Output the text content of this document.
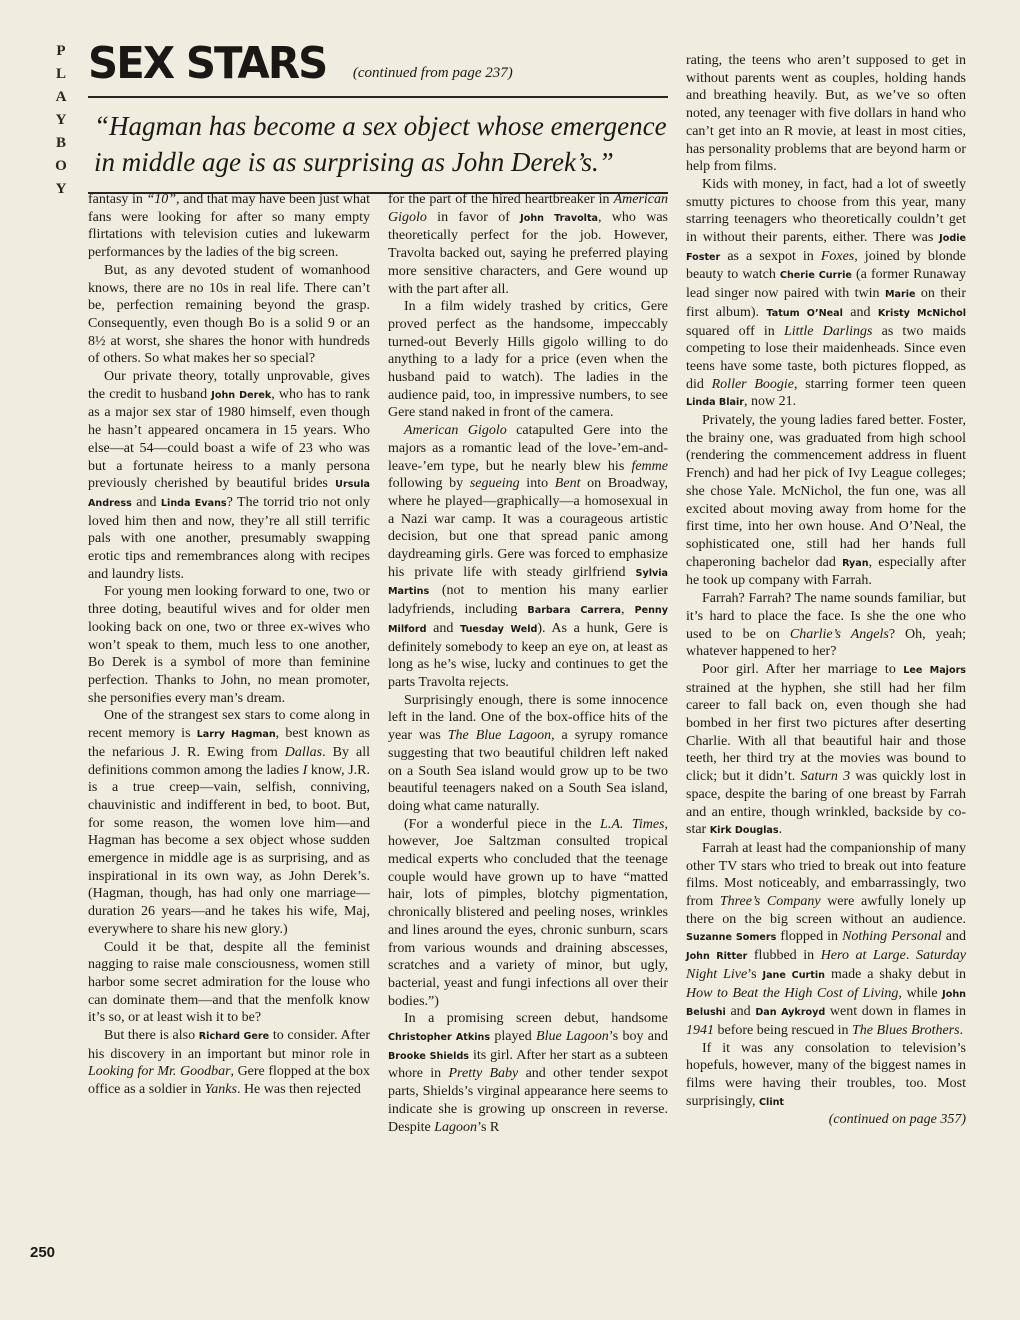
P
L
A
Y
B
O
Y
SEX STARS (continued from page 237)
“Hagman has become a sex object whose emergence in middle age is as surprising as John Derek’s.”

fantasy in “10”, and that may have been just what fans were looking for after so many empty flirtations with television cuties and lukewarm performances by the ladies of the big screen.

But, as any devoted student of womanhood knows, there are no 10s in real life. There can’t be, perfection remaining beyond the grasp. Consequently, even though Bo is a solid 9 or an 8½ at worst, she shares the honor with hundreds of others. So what makes her so special?

Our private theory, totally unprovable, gives the credit to husband John Derek, who has to rank as a major sex star of 1980 himself, even though he hasn’t appeared oncamera in 15 years. Who else—at 54—could boast a wife of 23 who was but a fortunate heiress to a manly persona previously cherished by beautiful brides Ursula Andress and Linda Evans? The torrid trio not only loved him then and now, they’re all still terrific pals with one another, presumably swapping erotic tips and remembrances along with recipes and laundry lists.

For young men looking forward to one, two or three doting, beautiful wives and for older men looking back on one, two or three ex-wives who won’t speak to them, much less to one another, Bo Derek is a symbol of more than feminine perfection. Thanks to John, no mean promoter, she personifies every man’s dream.

One of the strangest sex stars to come along in recent memory is Larry Hagman, best known as the nefarious J. R. Ewing from Dallas. By all definitions common among the ladies I know, J.R. is a true creep—vain, selfish, conniving, chauvinistic and indifferent in bed, to boot. But, for some reason, the women love him—and Hagman has become a sex object whose sudden emergence in middle age is as surprising, and as inspirational in its own way, as John Derek’s. (Hagman, though, has had only one marriage—duration 26 years—and he takes his wife, Maj, everywhere to share his new glory.)

Could it be that, despite all the feminist nagging to raise male consciousness, women still harbor some secret admiration for the louse who can dominate them—and that the menfolk know it’s so, or at least wish it to be?

But there is also Richard Gere to consider. After his discovery in an important but minor role in Looking for Mr. Goodbar, Gere flopped at the box office as a soldier in Yanks. He was then rejected

for the part of the hired heartbreaker in American Gigolo in favor of John Travolta, who was theoretically perfect for the job. However, Travolta backed out, saying he preferred playing more sensitive characters, and Gere wound up with the part after all.

In a film widely trashed by critics, Gere proved perfect as the handsome, impeccably turned-out Beverly Hills gigolo willing to do anything to a lady for a price (even when the husband paid to watch). The ladies in the audience paid, too, in impressive numbers, to see Gere stand naked in front of the camera.

American Gigolo catapulted Gere into the majors as a romantic lead of the love-’em-and-leave-’em type, but he nearly blew his femme following by segueing into Bent on Broadway, where he played—graphically—a homosexual in a Nazi war camp. It was a courageous artistic decision, but one that spread panic among daydreaming girls. Gere was forced to emphasize his private life with steady girlfriend Sylvia Martins (not to mention his many earlier ladyfriends, including Barbara Carrera, Penny Milford and Tuesday Weld). As a hunk, Gere is definitely somebody to keep an eye on, at least as long as he’s wise, lucky and continues to get the parts Travolta rejects.

Surprisingly enough, there is some innocence left in the land. One of the box-office hits of the year was The Blue Lagoon, a syrupy romance suggesting that two beautiful children left naked on a South Sea island would grow up to be two beautiful teenagers naked on a South Sea island, doing what came naturally.

(For a wonderful piece in the L.A. Times, however, Joe Saltzman consulted tropical medical experts who concluded that the teenage couple would have grown up to have “matted hair, lots of pimples, blotchy pigmentation, chronically blistered and peeling noses, wrinkles and lines around the eyes, chronic sunburn, scars from various wounds and draining abscesses, scratches and a variety of minor, but ugly, bacterial, yeast and fungi infections all over their bodies.”)

In a promising screen debut, handsome Christopher Atkins played Blue Lagoon’s boy and Brooke Shields its girl. After her start as a subteen whore in Pretty Baby and other tender sexpot parts, Shields’s virginal appearance here seems to indicate she is growing up onscreen in reverse. Despite Lagoon’s R

rating, the teens who aren’t supposed to get in without parents went as couples, holding hands and breathing heavily. But, as we’ve so often noted, any teenager with five dollars in hand who can’t get into an R movie, at least in most cities, has personality problems that are beyond harm or help from films.

Kids with money, in fact, had a lot of sweetly smutty pictures to choose from this year, many starring teenagers who theoretically couldn’t get in without their parents, either. There was Jodie Foster as a sexpot in Foxes, joined by blonde beauty to watch Cherie Currie (a former Runaway lead singer now paired with twin Marie on their first album). Tatum O’Neal and Kristy McNichol squared off in Little Darlings as two maids competing to lose their maidenheads. Since even teens have some taste, both pictures flopped, as did Roller Boogie, starring former teen queen Linda Blair, now 21.

Privately, the young ladies fared better. Foster, the brainy one, was graduated from high school (rendering the commencement address in fluent French) and had her pick of Ivy League colleges; she chose Yale. McNichol, the fun one, was all excited about moving away from home for the first time, into her own house. And O’Neal, the sophisticated one, still had her hands full chaperoning bachelor dad Ryan, especially after he took up company with Farrah.

Farrah? Farrah? The name sounds familiar, but it’s hard to place the face. Is she the one who used to be on Charlie’s Angels? Oh, yeah; whatever happened to her?

Poor girl. After her marriage to Lee Majors strained at the hyphen, she still had her film career to fall back on, even though she had bombed in her first two pictures after deserting Charlie. With all that beautiful hair and those teeth, her third try at the movies was bound to click; but it didn’t. Saturn 3 was quickly lost in space, despite the baring of one breast by Farrah and an entire, though wrinkled, backside by co-star Kirk Douglas.

Farrah at least had the companionship of many other TV stars who tried to break out into feature films. Most noticeably, and embarrassingly, two from Three’s Company were awfully lonely up there on the big screen without an audience. Suzanne Somers flopped in Nothing Personal and John Ritter flubbed in Hero at Large. Saturday Night Live’s Jane Curtin made a shaky debut in How to Beat the High Cost of Living, while John Belushi and Dan Aykroyd went down in flames in 1941 before being rescued in The Blues Brothers.

If it was any consolation to television’s hopefuls, however, many of the biggest names in films were having their troubles, too. Most surprisingly, Clint

(continued on page 357)
250
